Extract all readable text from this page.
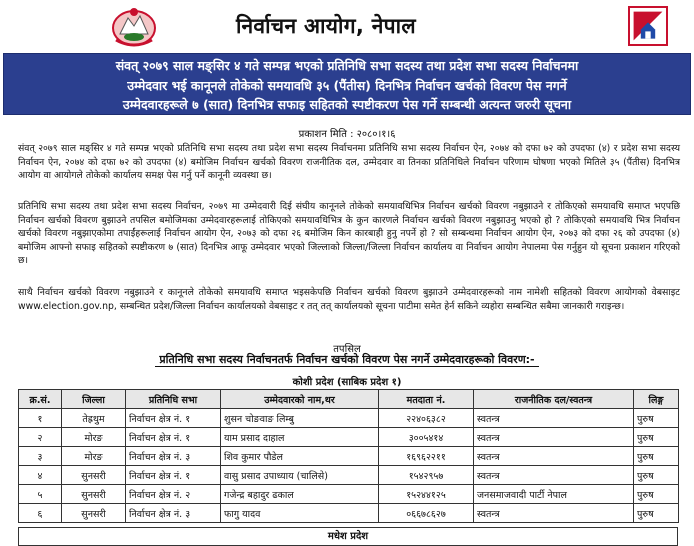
निर्वाचन आयोग, नेपाल
संवत् २०७९ साल मङ्सिर ४ गते सम्पन्न भएको प्रतिनिधि सभा सदस्य तथा प्रदेश सभा सदस्य निर्वाचनमा
उम्मेदवार भई कानूनले तोकेको समयावधि ३५ (पैंतीस) दिनभित्र निर्वाचन खर्चको विवरण पेस नगर्ने
उम्मेदवारहरूले ७ (सात) दिनभित्र सफाइ सहितको स्पष्टीकरण पेस गर्ने सम्बन्धी अत्यन्त जरुरी सूचना
प्रकाशन मिति : २०८०।१।६

संवत् २०७९ साल मङ्सिर ४ गते सम्पन्न भएको प्रतिनिधि सभा सदस्य तथा प्रदेश सभा सदस्य निर्वाचनमा प्रतिनिधि सभा सदस्य निर्वाचन ऐन, २०७४ को दफा ७२ को उपदफा (४) र प्रदेश सभा सदस्य निर्वाचन ऐन, २०७४ को दफा ७२ को उपदफा (४) बमोजिम निर्वाचन खर्चको विवरण राजनीतिक दल, उम्मेदवार वा तिनका प्रतिनिधिले निर्वाचन परिणाम घोषणा भएको मितिले ३५ (पैंतीस) दिनभित्र आयोग वा आयोगले तोकेको कार्यालय समक्ष पेस गर्नु पर्ने कानूनी व्यवस्था छ।

प्रतिनिधि सभा सदस्य तथा प्रदेश सभा सदस्य निर्वाचन, २०७९ मा उम्मेदवारी दिई संघीय कानूनले तोकेको समयावधिभित्र निर्वाचन खर्चको विवरण नबुझाउने र तोकिएको समयावधि समाप्त भएपछि निर्वाचन खर्चको विवरण बुझाउने तपसिल बमोजिमका उम्मेदवारहरूलाई तोकिएको समयावधिभित्र के कुन कारणले निर्वाचन खर्चको विवरण नबुझाउनु भएको हो ? तोकिएको समयावधि भित्र निर्वाचन खर्चको विवरण नबुझाएकोमा तपाईंहरूलाई निर्वाचन आयोग ऐन, २०७३ को दफा २६ बमोजिम किन कारबाही हुनु नपर्ने हो ? सो सम्बन्धमा निर्वाचन आयोग ऐन, २०७३ को दफा २६ को उपदफा (४) बमोजिम आफ्नो सफाइ सहितको स्पष्टीकरण ७ (सात) दिनभित्र आफू उम्मेदवार भएको जिल्लाको जिल्ला/जिल्ला निर्वाचन कार्यालय वा निर्वाचन आयोग नेपालमा पेस गर्नुहुन यो सूचना प्रकाशन गरिएको छ।

साथै निर्वाचन खर्चको विवरण नबुझाउने र कानूनले तोकेको समयावधि समाप्त भइसकेपछि निर्वाचन खर्चको विवरण बुझाउने उम्मेदवारहरूको नाम नामेशी सहितको विवरण आयोगको वेबसाइट www.election.gov.np, सम्बन्धित प्रदेश/जिल्ला निर्वाचन कार्यालयको वेबसाइट र तत् तत् कार्यालयको सूचना पाटीमा समेत हेर्न सकिने व्यहोरा सम्बन्धित सबैमा जानकारी गराइन्छ।

तपसिल
प्रतिनिधि सभा सदस्य निर्वाचनतर्फ निर्वाचन खर्चको विवरण पेस नगर्ने उम्मेदवारहरूको विवरण:-
कोशी प्रदेश (साबिक प्रदेश १)
क्र.सं.	जिल्ला	प्रतिनिधि सभा	उम्मेदवारको नाम,थर	मतदाता नं.	राजनीतिक दल/स्वतन्त्र	लिङ्ग
१	तेह्रथुम	निर्वाचन क्षेत्र नं. १	शुसन चोङवाङ लिम्बु	२२४०६३८२	स्वतन्त्र	पुरुष
२	मोरङ	निर्वाचन क्षेत्र नं. १	याम प्रसाद दाहाल	३००५४१४	स्वतन्त्र	पुरुष
३	मोरङ	निर्वाचन क्षेत्र नं. ३	शिव कुमार पौडेल	१६९६२२११	स्वतन्त्र	पुरुष
४	सुनसरी	निर्वाचन क्षेत्र नं. १	वासु प्रसाद उपाध्याय (चालिसे)	१५४२९५७	स्वतन्त्र	पुरुष
५	सुनसरी	निर्वाचन क्षेत्र नं. २	गजेन्द्र बहादुर ढकाल	१५२४४१२५	जनसमाजवादी पार्टी नेपाल	पुरुष
६	सुनसरी	निर्वाचन क्षेत्र नं. ३	फागु यादव	०६६७८६२७	स्वतन्त्र	पुरुष
मधेश प्रदेश
